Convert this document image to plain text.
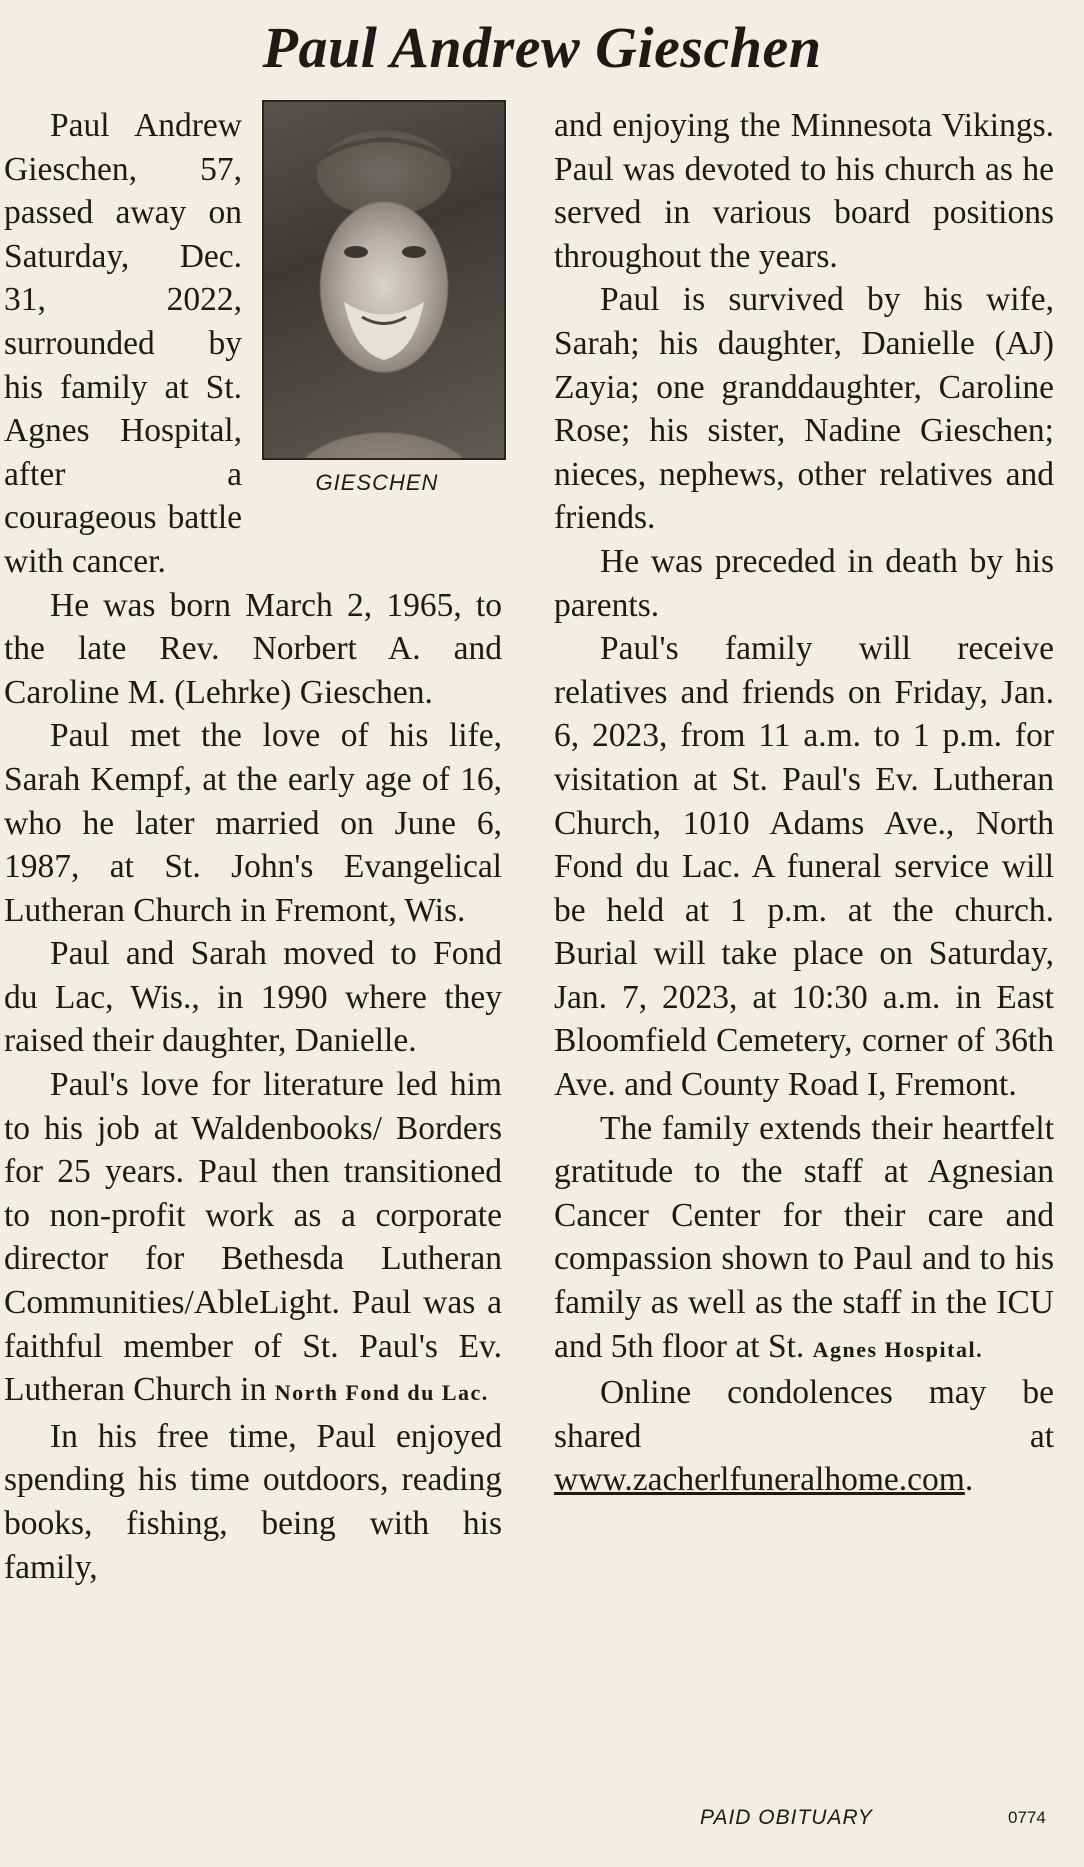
Paul Andrew Gieschen
GIESCHEN

Paul Andrew Gieschen, 57, passed away on Saturday, Dec. 31, 2022, surrounded by his family at St. Agnes Hospital, after a courageous battle with cancer.

He was born March 2, 1965, to the late Rev. Norbert A. and Caroline M. (Lehrke) Gieschen.

Paul met the love of his life, Sarah Kempf, at the early age of 16, who he later married on June 6, 1987, at St. John's Evangelical Lutheran Church in Fremont, Wis.

Paul and Sarah moved to Fond du Lac, Wis., in 1990 where they raised their daughter, Danielle.

Paul's love for literature led him to his job at Waldenbooks/ Borders for 25 years. Paul then transitioned to non-profit work as a corporate director for Bethesda Lutheran Communities/AbleLight. Paul was a faithful member of St. Paul's Ev. Lutheran Church in North Fond du Lac.

In his free time, Paul enjoyed spending his time outdoors, reading books, fishing, being with his family,

and enjoying the Minnesota Vikings. Paul was devoted to his church as he served in various board positions throughout the years.

Paul is survived by his wife, Sarah; his daughter, Danielle (AJ) Zayia; one granddaughter, Caroline Rose; his sister, Nadine Gieschen; nieces, nephews, other relatives and friends.

He was preceded in death by his parents.

Paul's family will receive relatives and friends on Friday, Jan. 6, 2023, from 11 a.m. to 1 p.m. for visitation at St. Paul's Ev. Lutheran Church, 1010 Adams Ave., North Fond du Lac. A funeral service will be held at 1 p.m. at the church. Burial will take place on Saturday, Jan. 7, 2023, at 10:30 a.m. in East Bloomfield Cemetery, corner of 36th Ave. and County Road I, Fremont.

The family extends their heartfelt gratitude to the staff at Agnesian Cancer Center for their care and compassion shown to Paul and to his family as well as the staff in the ICU and 5th floor at St. Agnes Hospital.

Online condolences may be shared at www.zacherlfuneralhome.com.

PAID OBITUARY	0774
